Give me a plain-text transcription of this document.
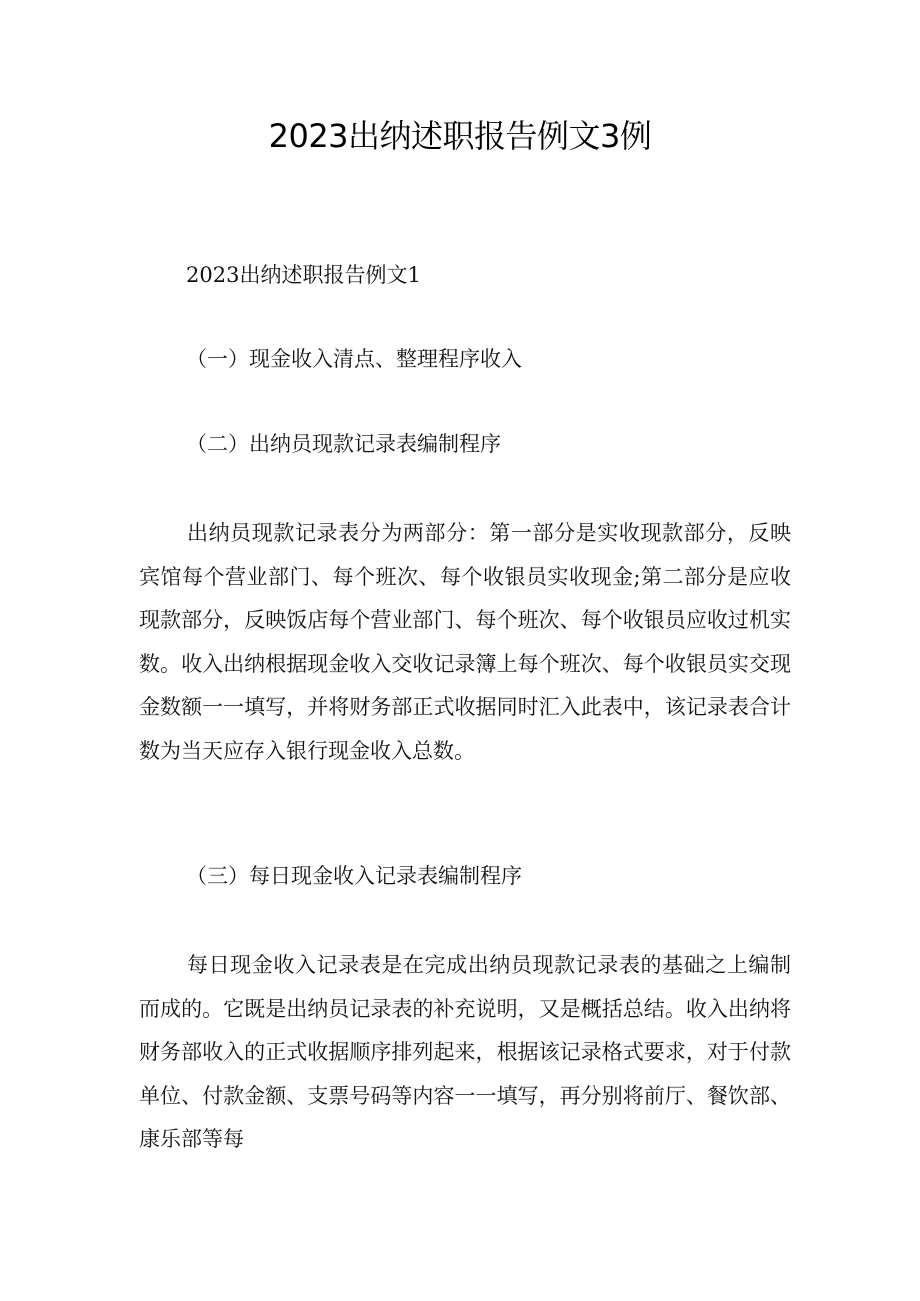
2023出纳述职报告例文3例
2023出纳述职报告例文1
（一）现金收入清点、整理程序收入
（二）出纳员现款记录表编制程序

出纳员现款记录表分为两部分：第一部分是实收现款部分，反映宾馆每个营业部门、每个班次、每个收银员实收现金;第二部分是应收现款部分，反映饭店每个营业部门、每个班次、每个收银员应收过机实数。收入出纳根据现金收入交收记录簿上每个班次、每个收银员实交现金数额一一填写，并将财务部正式收据同时汇入此表中，该记录表合计数为当天应存入银行现金收入总数。

（三）每日现金收入记录表编制程序

每日现金收入记录表是在完成出纳员现款记录表的基础之上编制而成的。它既是出纳员记录表的补充说明，又是概括总结。收入出纳将财务部收入的正式收据顺序排列起来，根据该记录格式要求，对于付款单位、付款金额、支票号码等内容一一填写，再分别将前厅、餐饮部、康乐部等每
